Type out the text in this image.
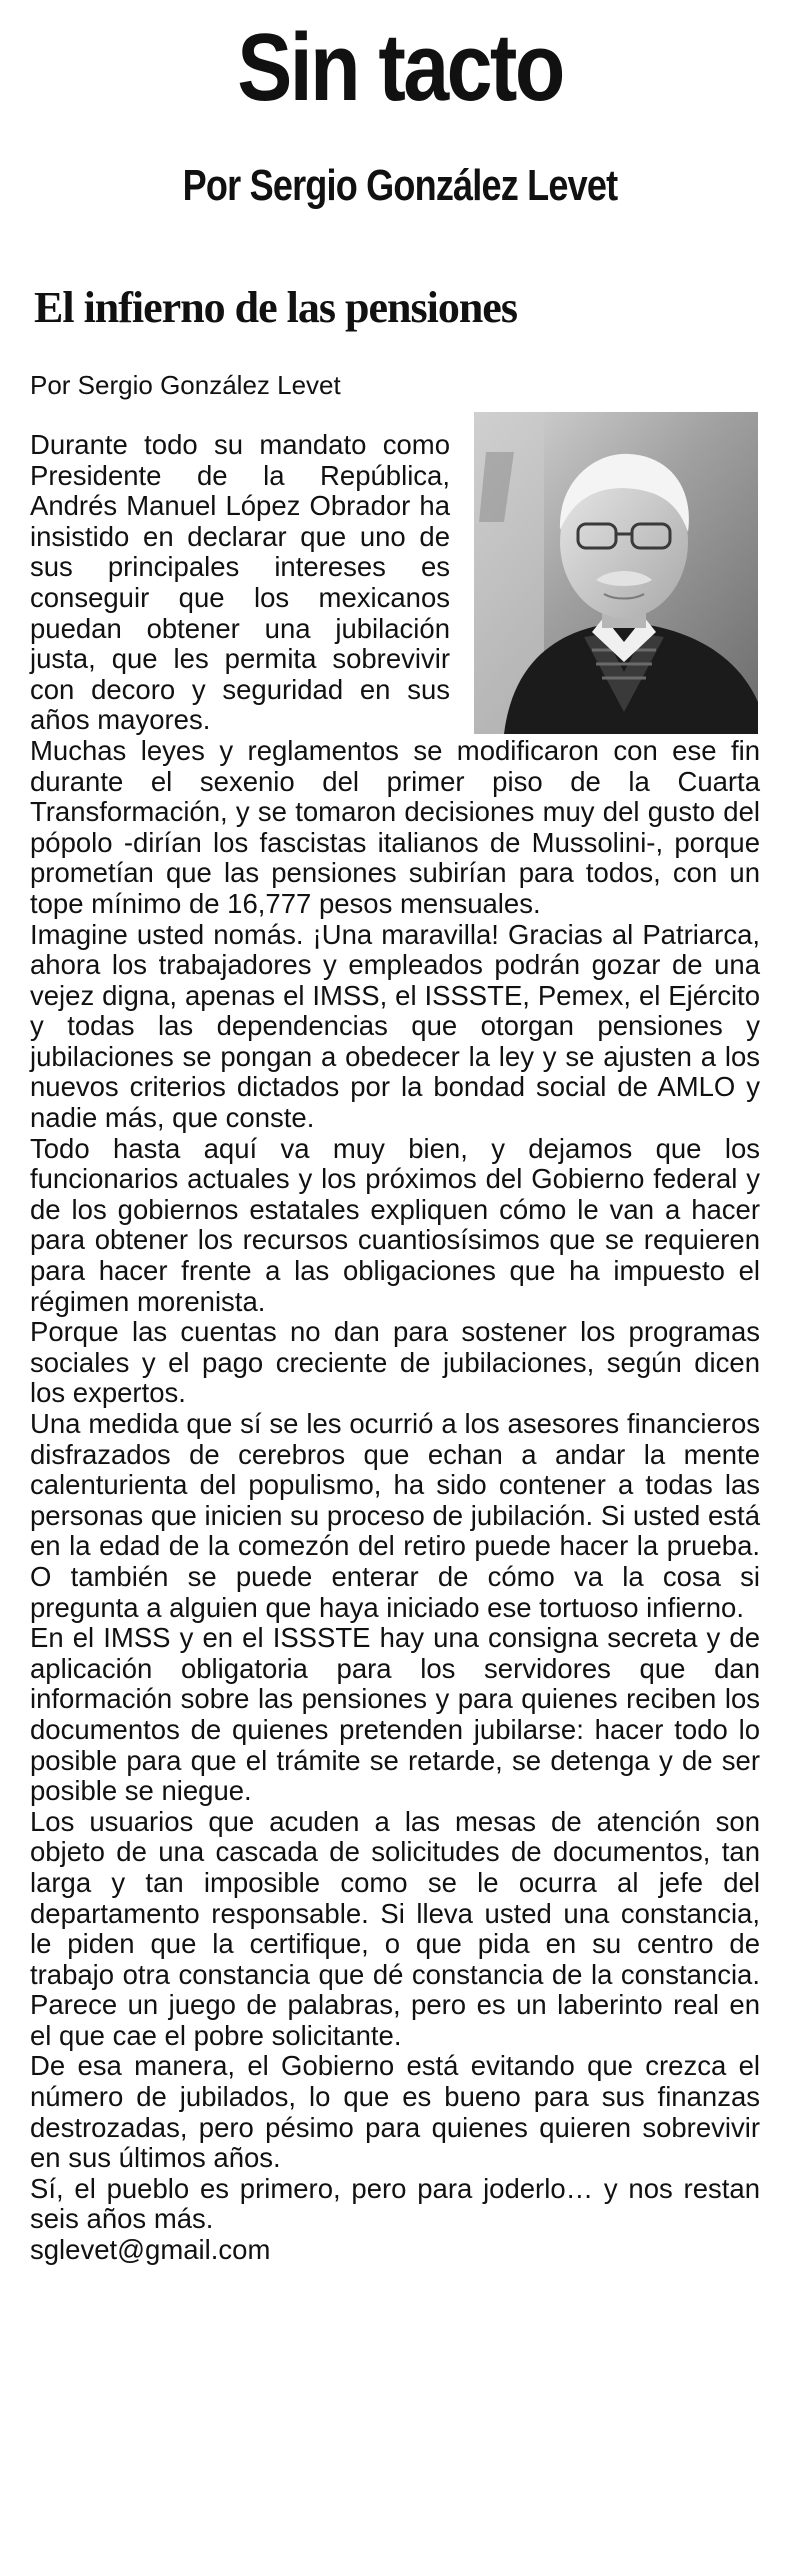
Sin tacto
Por Sergio González Levet
El infierno de las pensiones
Por Sergio González Levet

Durante todo su mandato como Presidente de la República, Andrés Manuel López Obrador ha insistido en declarar que uno de sus principales intereses es conseguir que los mexicanos puedan obtener una jubilación justa, que les permita sobrevivir con decoro y seguridad en sus años mayores.

Muchas leyes y reglamentos se modificaron con ese fin durante el sexenio del primer piso de la Cuarta Transformación, y se tomaron decisiones muy del gusto del pópolo -dirían los fascistas italianos de Mussolini-, porque prometían que las pensiones subirían para todos, con un tope mínimo de 16,777 pesos mensuales.

Imagine usted nomás. ¡Una maravilla! Gracias al Patriarca, ahora los trabajadores y empleados podrán gozar de una vejez digna, apenas el IMSS, el ISSSTE, Pemex, el Ejército y todas las dependencias que otorgan pensiones y jubilaciones se pongan a obedecer la ley y se ajusten a los nuevos criterios dictados por la bondad social de AMLO y nadie más, que conste.

Todo hasta aquí va muy bien, y dejamos que los funcionarios actuales y los próximos del Gobierno federal y de los gobiernos estatales expliquen cómo le van a hacer para obtener los recursos cuantiosísimos que se requieren para hacer frente a las obligaciones que ha impuesto el régimen morenista.

Porque las cuentas no dan para sostener los programas sociales y el pago creciente de jubilaciones, según dicen los expertos.

Una medida que sí se les ocurrió a los asesores financieros disfrazados de cerebros que echan a andar la mente calenturienta del populismo, ha sido contener a todas las personas que inicien su proceso de jubilación. Si usted está en la edad de la comezón del retiro puede hacer la prueba. O también se puede enterar de cómo va la cosa si pregunta a alguien que haya iniciado ese tortuoso infierno.

En el IMSS y en el ISSSTE hay una consigna secreta y de aplicación obligatoria para los servidores que dan información sobre las pensiones y para quienes reciben los documentos de quienes pretenden jubilarse: hacer todo lo posible para que el trámite se retarde, se detenga y de ser posible se niegue.

Los usuarios que acuden a las mesas de atención son objeto de una cascada de solicitudes de documentos, tan larga y tan imposible como se le ocurra al jefe del departamento responsable. Si lleva usted una constancia, le piden que la certifique, o que pida en su centro de trabajo otra constancia que dé constancia de la constancia. Parece un juego de palabras, pero es un laberinto real en el que cae el pobre solicitante.

De esa manera, el Gobierno está evitando que crezca el número de jubilados, lo que es bueno para sus finanzas destrozadas, pero pésimo para quienes quieren sobrevivir en sus últimos años.

Sí, el pueblo es primero, pero para joderlo… y nos restan seis años más.

sglevet@gmail.com
